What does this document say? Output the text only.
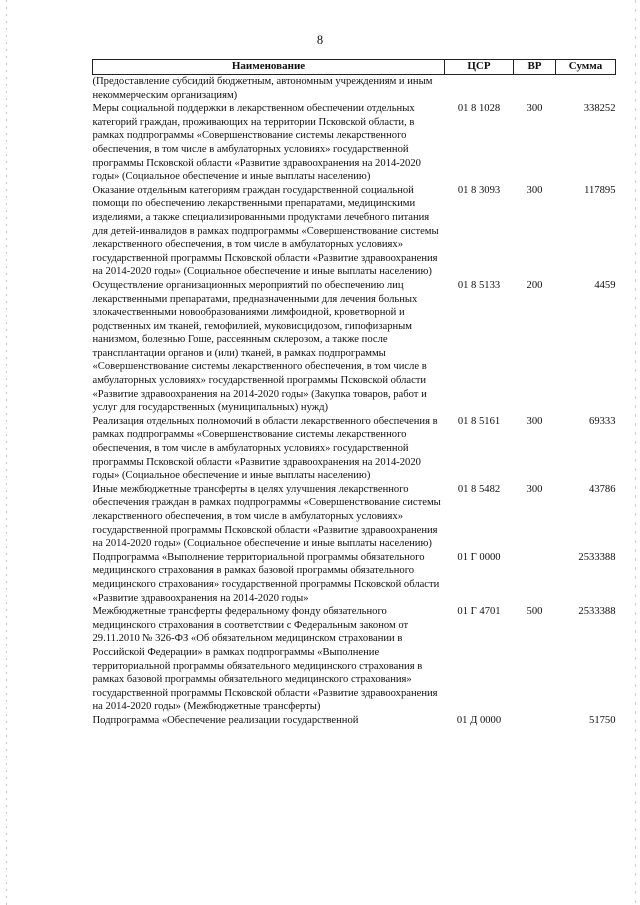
8
Наименование	ЦСР	ВР	Сумма
(Предоставление субсидий бюджетным, автономным учреждениям и иным некоммерческим организациям)			
Меры социальной поддержки в лекарственном обеспечении отдельных категорий граждан, проживающих на территории Псковской области, в рамках подпрограммы «Совершенствование системы лекарственного обеспечения, в том числе в амбулаторных условиях» государственной программы Псковской области «Развитие здравоохранения на 2014-2020 годы» (Социальное обеспечение и иные выплаты населению)	01 8 1028	300	338252
Оказание отдельным категориям граждан государственной социальной помощи по обеспечению лекарственными препаратами, медицинскими изделиями, а также специализированными продуктами лечебного питания для детей-инвалидов в рамках подпрограммы «Совершенствование системы лекарственного обеспечения, в том числе в амбулаторных условиях» государственной программы Псковской области «Развитие здравоохранения на 2014-2020 годы» (Социальное обеспечение и иные выплаты населению)	01 8 3093	300	117895
Осуществление организационных мероприятий по обеспечению лиц лекарственными препаратами, предназначенными для лечения больных злокачественными новообразованиями лимфоидной, кроветворной и родственных им тканей, гемофилией, муковисцидозом, гипофизарным нанизмом, болезнью Гоше, рассеянным склерозом, а также после трансплантации органов и (или) тканей, в рамках подпрограммы «Совершенствование системы лекарственного обеспечения, в том числе в амбулаторных условиях» государственной программы Псковской области «Развитие здравоохранения на 2014-2020 годы» (Закупка товаров, работ и услуг для государственных (муниципальных) нужд)	01 8 5133	200	4459
Реализация отдельных полномочий в области лекарственного обеспечения в рамках подпрограммы «Совершенствование системы лекарственного обеспечения, в том числе в амбулаторных условиях» государственной программы Псковской области «Развитие здравоохранения на 2014-2020 годы» (Социальное обеспечение и иные выплаты населению)	01 8 5161	300	69333
Иные межбюджетные трансферты в целях улучшения лекарственного обеспечения граждан в рамках подпрограммы «Совершенствование системы лекарственного обеспечения, в том числе в амбулаторных условиях» государственной программы Псковской области «Развитие здравоохранения на 2014-2020 годы» (Социальное обеспечение и иные выплаты населению)	01 8 5482	300	43786
Подпрограмма «Выполнение территориальной программы обязательного медицинского страхования в рамках базовой программы обязательного медицинского страхования» государственной программы Псковской области «Развитие здравоохранения на 2014-2020 годы»	01 Г 0000		2533388
Межбюджетные трансферты федеральному фонду обязательного медицинского страхования в соответствии с Федеральным законом от 29.11.2010 № 326-ФЗ «Об обязательном медицинском страховании в Российской Федерации» в рамках подпрограммы «Выполнение территориальной программы обязательного медицинского страхования в рамках базовой программы обязательного медицинского страхования» государственной программы Псковской области «Развитие здравоохранения на 2014-2020 годы» (Межбюджетные трансферты)	01 Г 4701	500	2533388
Подпрограмма «Обеспечение реализации государственной	01 Д 0000		51750
